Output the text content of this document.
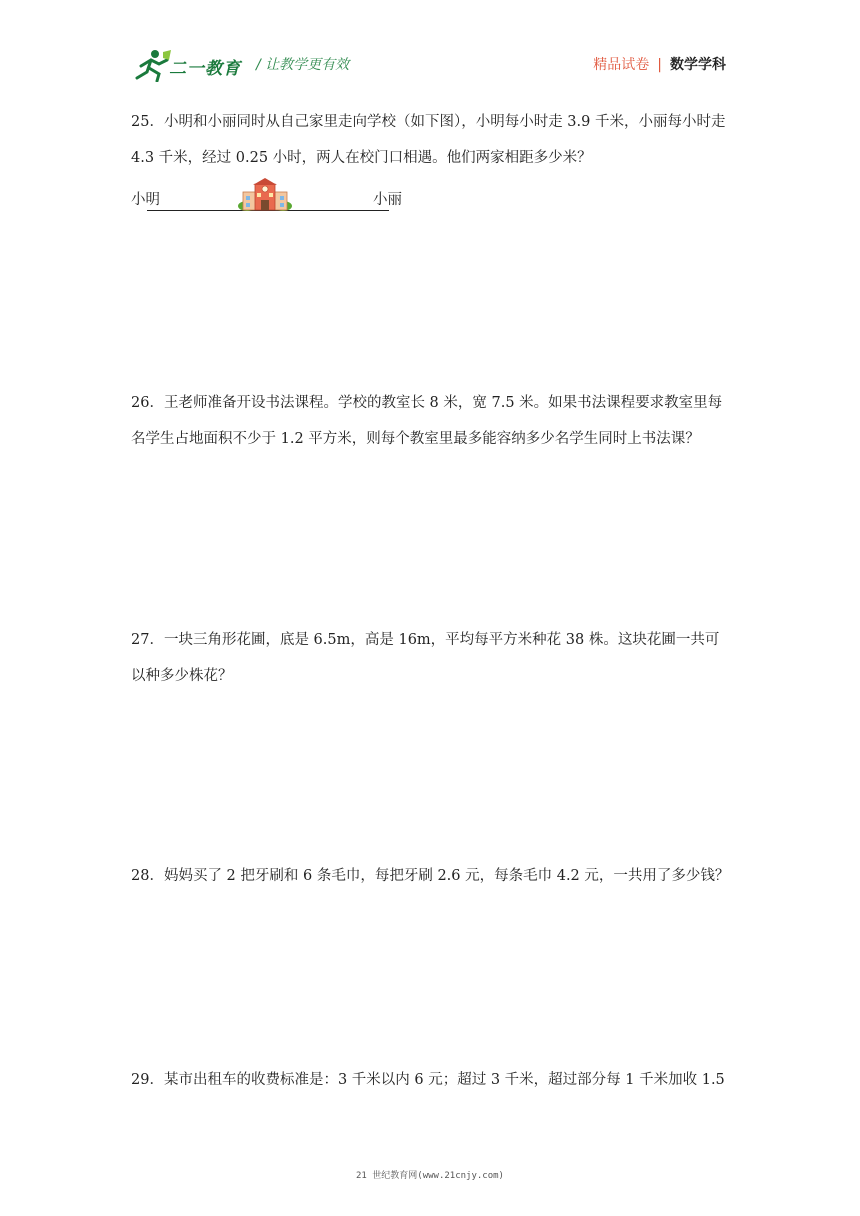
二一教育 / 让教学更有效	精品试卷 | 数学学科
25．小明和小丽同时从自己家里走向学校（如下图），小明每小时走 3.9 千米，小丽每小时走 4.3 千米，经过 0.25 小时，两人在校门口相遇。他们两家相距多少米？
小明	小丽
26．王老师准备开设书法课程。学校的教室长 8 米，宽 7.5 米。如果书法课程要求教室里每名学生占地面积不少于 1.2 平方米，则每个教室里最多能容纳多少名学生同时上书法课？
27．一块三角形花圃，底是 6.5m，高是 16m，平均每平方米种花 38 株。这块花圃一共可以种多少株花？
28．妈妈买了 2 把牙刷和 6 条毛巾，每把牙刷 2.6 元，每条毛巾 4.2 元，一共用了多少钱？
29．某市出租车的收费标准是：3 千米以内 6 元；超过 3 千米，超过部分每 1 千米加收 1.5
21 世纪教育网(www.21cnjy.com)
